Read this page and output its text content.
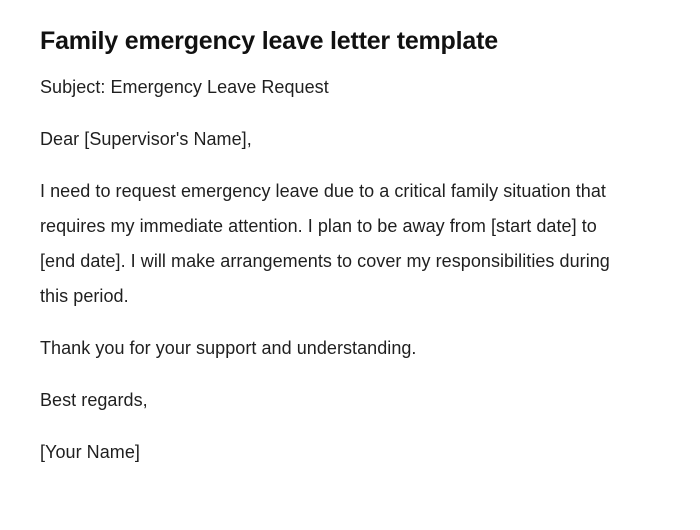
Family emergency leave letter template

Subject: Emergency Leave Request

Dear [Supervisor's Name],

I need to request emergency leave due to a critical family situation that requires my immediate attention. I plan to be away from [start date] to [end date]. I will make arrangements to cover my responsibilities during this period.

Thank you for your support and understanding.

Best regards,

[Your Name]
